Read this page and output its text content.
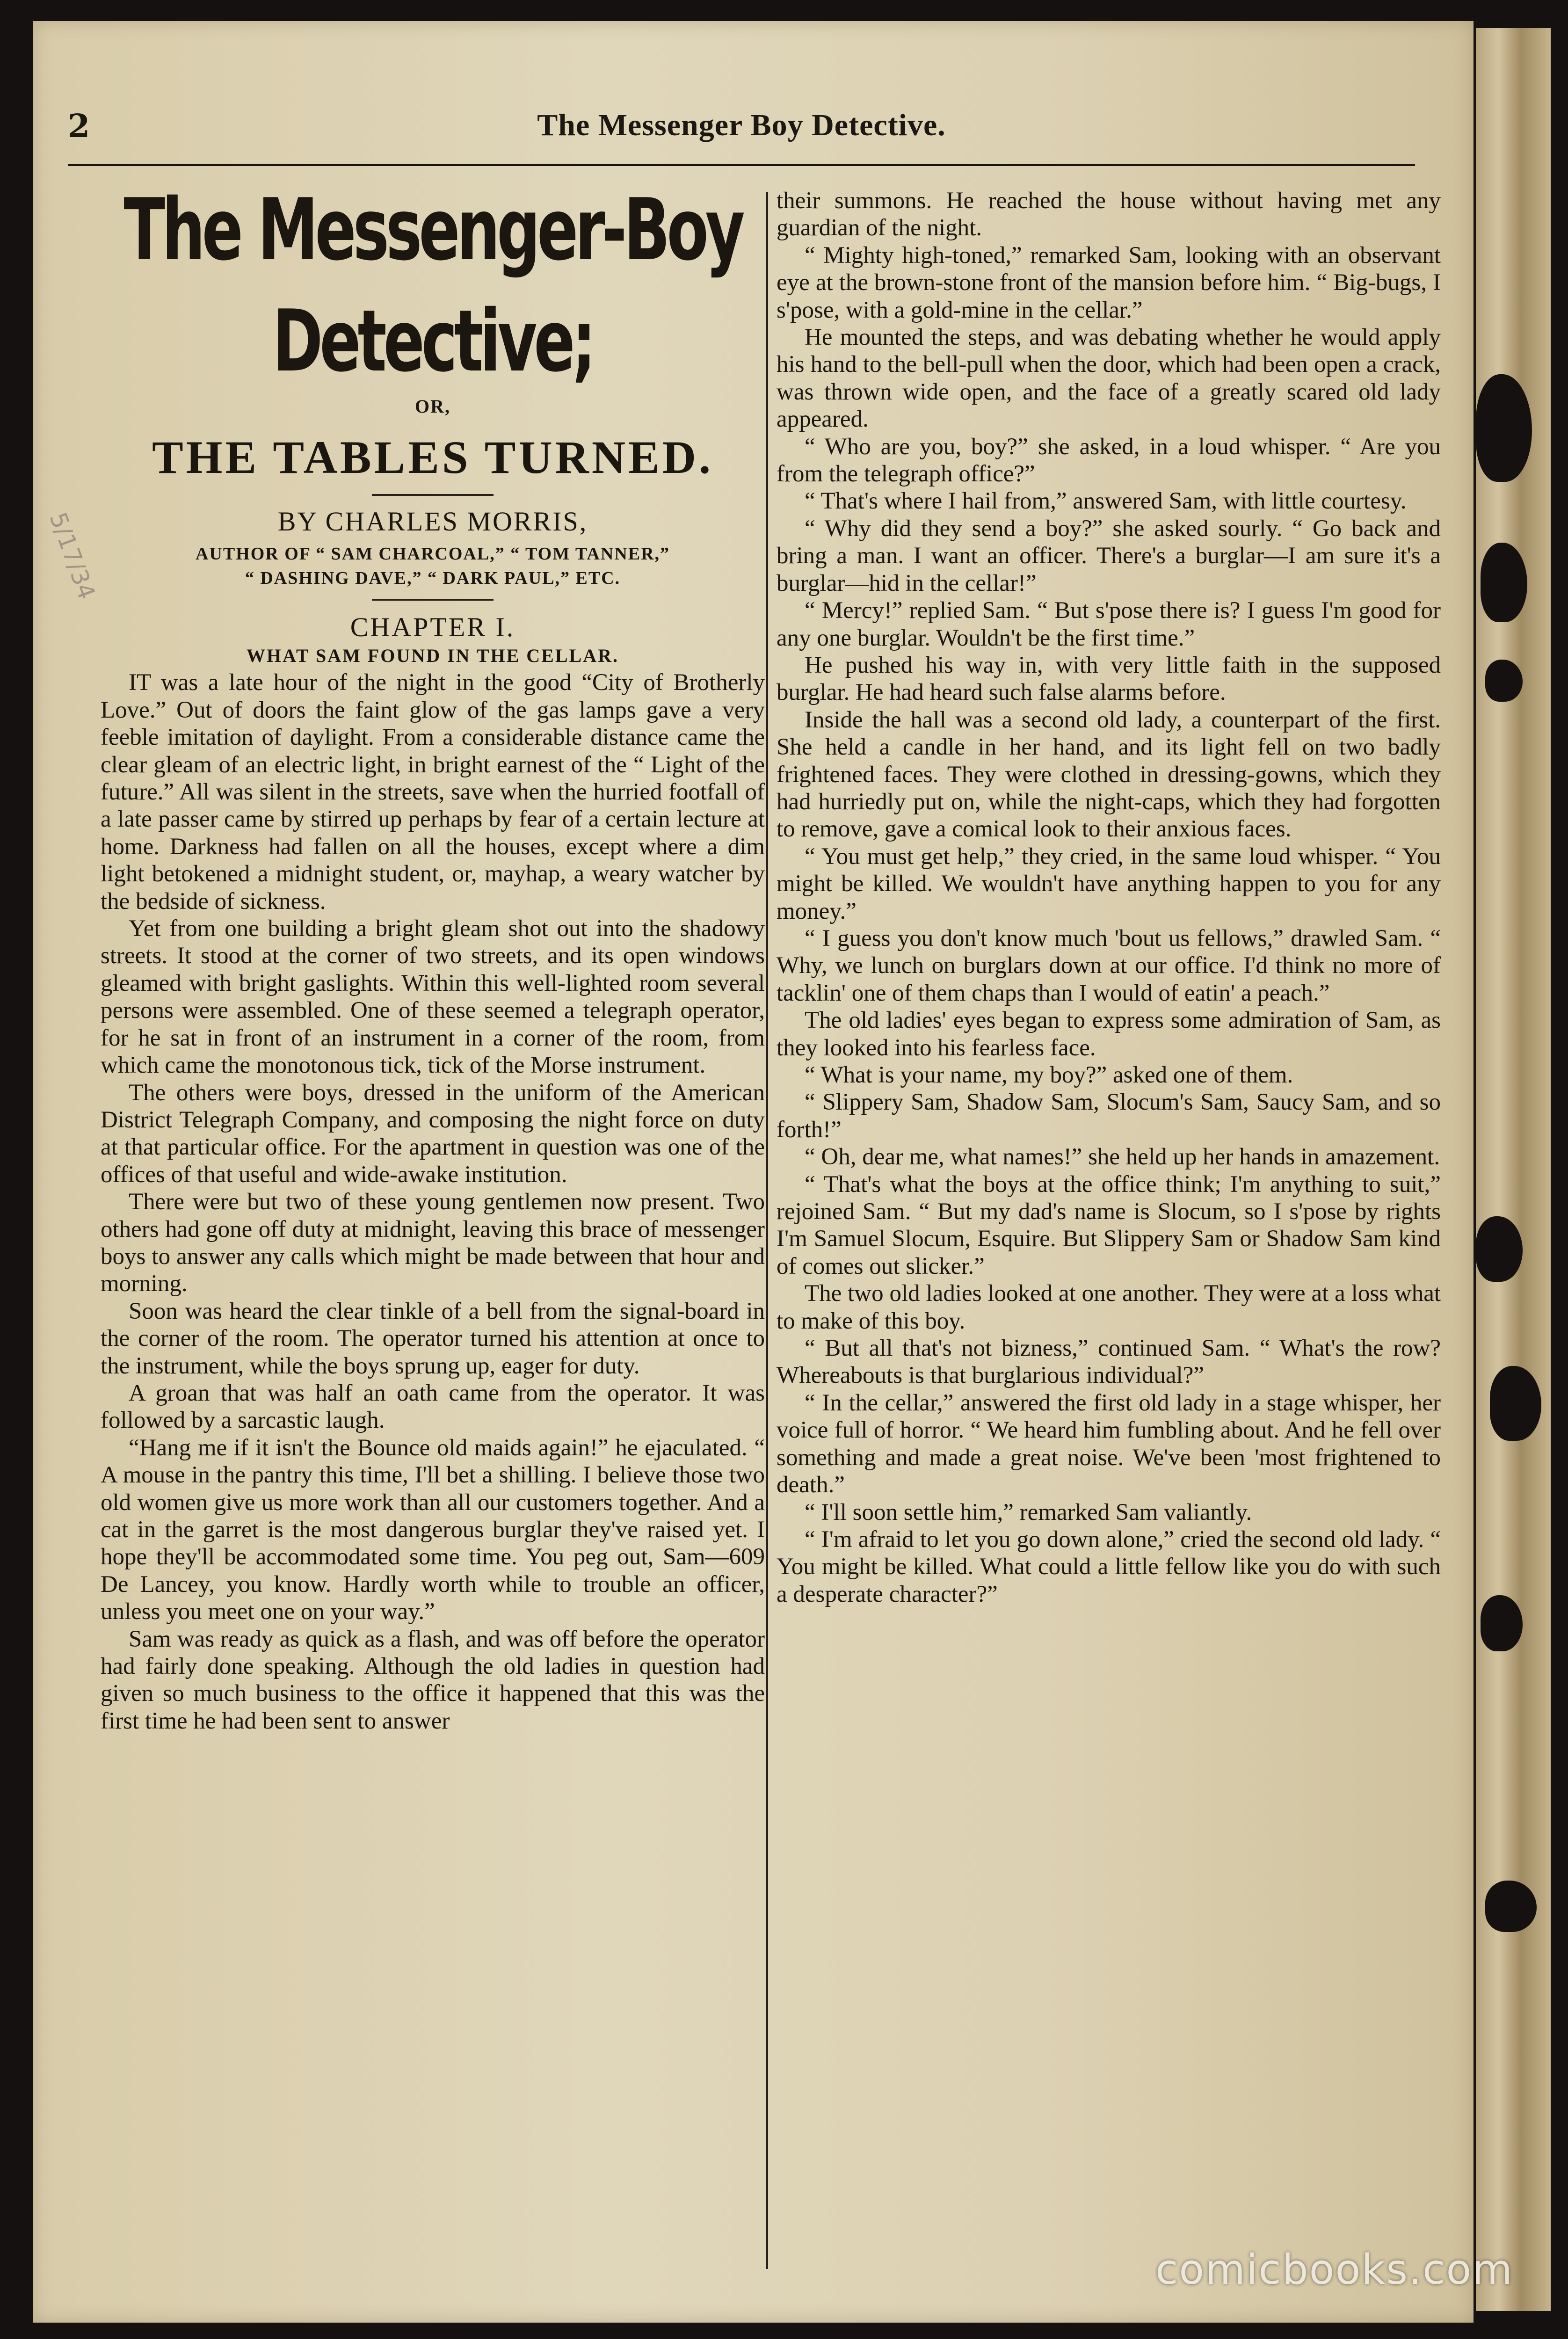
2	The Messenger Boy Detective.
The Messenger-Boy Detective;
OR,
THE TABLES TURNED.
BY CHARLES MORRIS,
AUTHOR OF “ SAM CHARCOAL,” “ TOM TANNER,”
“ DASHING DAVE,” “ DARK PAUL,” ETC.
CHAPTER I.
WHAT SAM FOUND IN THE CELLAR.

IT was a late hour of the night in the good “City of Brotherly Love.” Out of doors the faint glow of the gas lamps gave a very feeble imitation of daylight. From a considerable distance came the clear gleam of an electric light, in bright earnest of the “ Light of the future.” All was silent in the streets, save when the hurried footfall of a late passer came by stirred up perhaps by fear of a certain lecture at home. Darkness had fallen on all the houses, except where a dim light betokened a midnight student, or, mayhap, a weary watcher by the bedside of sickness.

Yet from one building a bright gleam shot out into the shadowy streets. It stood at the corner of two streets, and its open windows gleamed with bright gaslights. Within this well-lighted room several persons were assembled. One of these seemed a telegraph operator, for he sat in front of an instrument in a corner of the room, from which came the monotonous tick, tick of the Morse instrument.

The others were boys, dressed in the uniform of the American District Telegraph Company, and composing the night force on duty at that particular office. For the apartment in question was one of the offices of that useful and wide-awake institution.

There were but two of these young gentlemen now present. Two others had gone off duty at midnight, leaving this brace of messenger boys to answer any calls which might be made between that hour and morning.

Soon was heard the clear tinkle of a bell from the signal-board in the corner of the room. The operator turned his attention at once to the instrument, while the boys sprung up, eager for duty.

A groan that was half an oath came from the operator. It was followed by a sarcastic laugh.

“Hang me if it isn't the Bounce old maids again!” he ejaculated. “ A mouse in the pantry this time, I'll bet a shilling. I believe those two old women give us more work than all our customers together. And a cat in the garret is the most dangerous burglar they've raised yet. I hope they'll be accommodated some time. You peg out, Sam—609 De Lancey, you know. Hardly worth while to trouble an officer, unless you meet one on your way.”

Sam was ready as quick as a flash, and was off before the operator had fairly done speaking. Although the old ladies in question had given so much business to the office it happened that this was the first time he had been sent to answer

their summons. He reached the house without having met any guardian of the night.

“ Mighty high-toned,” remarked Sam, looking with an observant eye at the brown-stone front of the mansion before him. “ Big-bugs, I s'pose, with a gold-mine in the cellar.”

He mounted the steps, and was debating whether he would apply his hand to the bell-pull when the door, which had been open a crack, was thrown wide open, and the face of a greatly scared old lady appeared.

“ Who are you, boy?” she asked, in a loud whisper. “ Are you from the telegraph office?”

“ That's where I hail from,” answered Sam, with little courtesy.

“ Why did they send a boy?” she asked sourly. “ Go back and bring a man. I want an officer. There's a burglar—I am sure it's a burglar—hid in the cellar!”

“ Mercy!” replied Sam. “ But s'pose there is? I guess I'm good for any one burglar. Wouldn't be the first time.”

He pushed his way in, with very little faith in the supposed burglar. He had heard such false alarms before.

Inside the hall was a second old lady, a counterpart of the first. She held a candle in her hand, and its light fell on two badly frightened faces. They were clothed in dressing-gowns, which they had hurriedly put on, while the night-caps, which they had forgotten to remove, gave a comical look to their anxious faces.

“ You must get help,” they cried, in the same loud whisper. “ You might be killed. We wouldn't have anything happen to you for any money.”

“ I guess you don't know much 'bout us fellows,” drawled Sam. “ Why, we lunch on burglars down at our office. I'd think no more of tacklin' one of them chaps than I would of eatin' a peach.”

The old ladies' eyes began to express some admiration of Sam, as they looked into his fearless face.

“ What is your name, my boy?” asked one of them.

“ Slippery Sam, Shadow Sam, Slocum's Sam, Saucy Sam, and so forth!”

“ Oh, dear me, what names!” she held up her hands in amazement.

“ That's what the boys at the office think; I'm anything to suit,” rejoined Sam. “ But my dad's name is Slocum, so I s'pose by rights I'm Samuel Slocum, Esquire. But Slippery Sam or Shadow Sam kind of comes out slicker.”

The two old ladies looked at one another. They were at a loss what to make of this boy.

“ But all that's not bizness,” continued Sam. “ What's the row? Whereabouts is that burglarious individual?”

“ In the cellar,” answered the first old lady in a stage whisper, her voice full of horror. “ We heard him fumbling about. And he fell over something and made a great noise. We've been 'most frightened to death.”

“ I'll soon settle him,” remarked Sam valiantly.

“ I'm afraid to let you go down alone,” cried the second old lady. “ You might be killed. What could a little fellow like you do with such a desperate character?”

comicbooks.com
